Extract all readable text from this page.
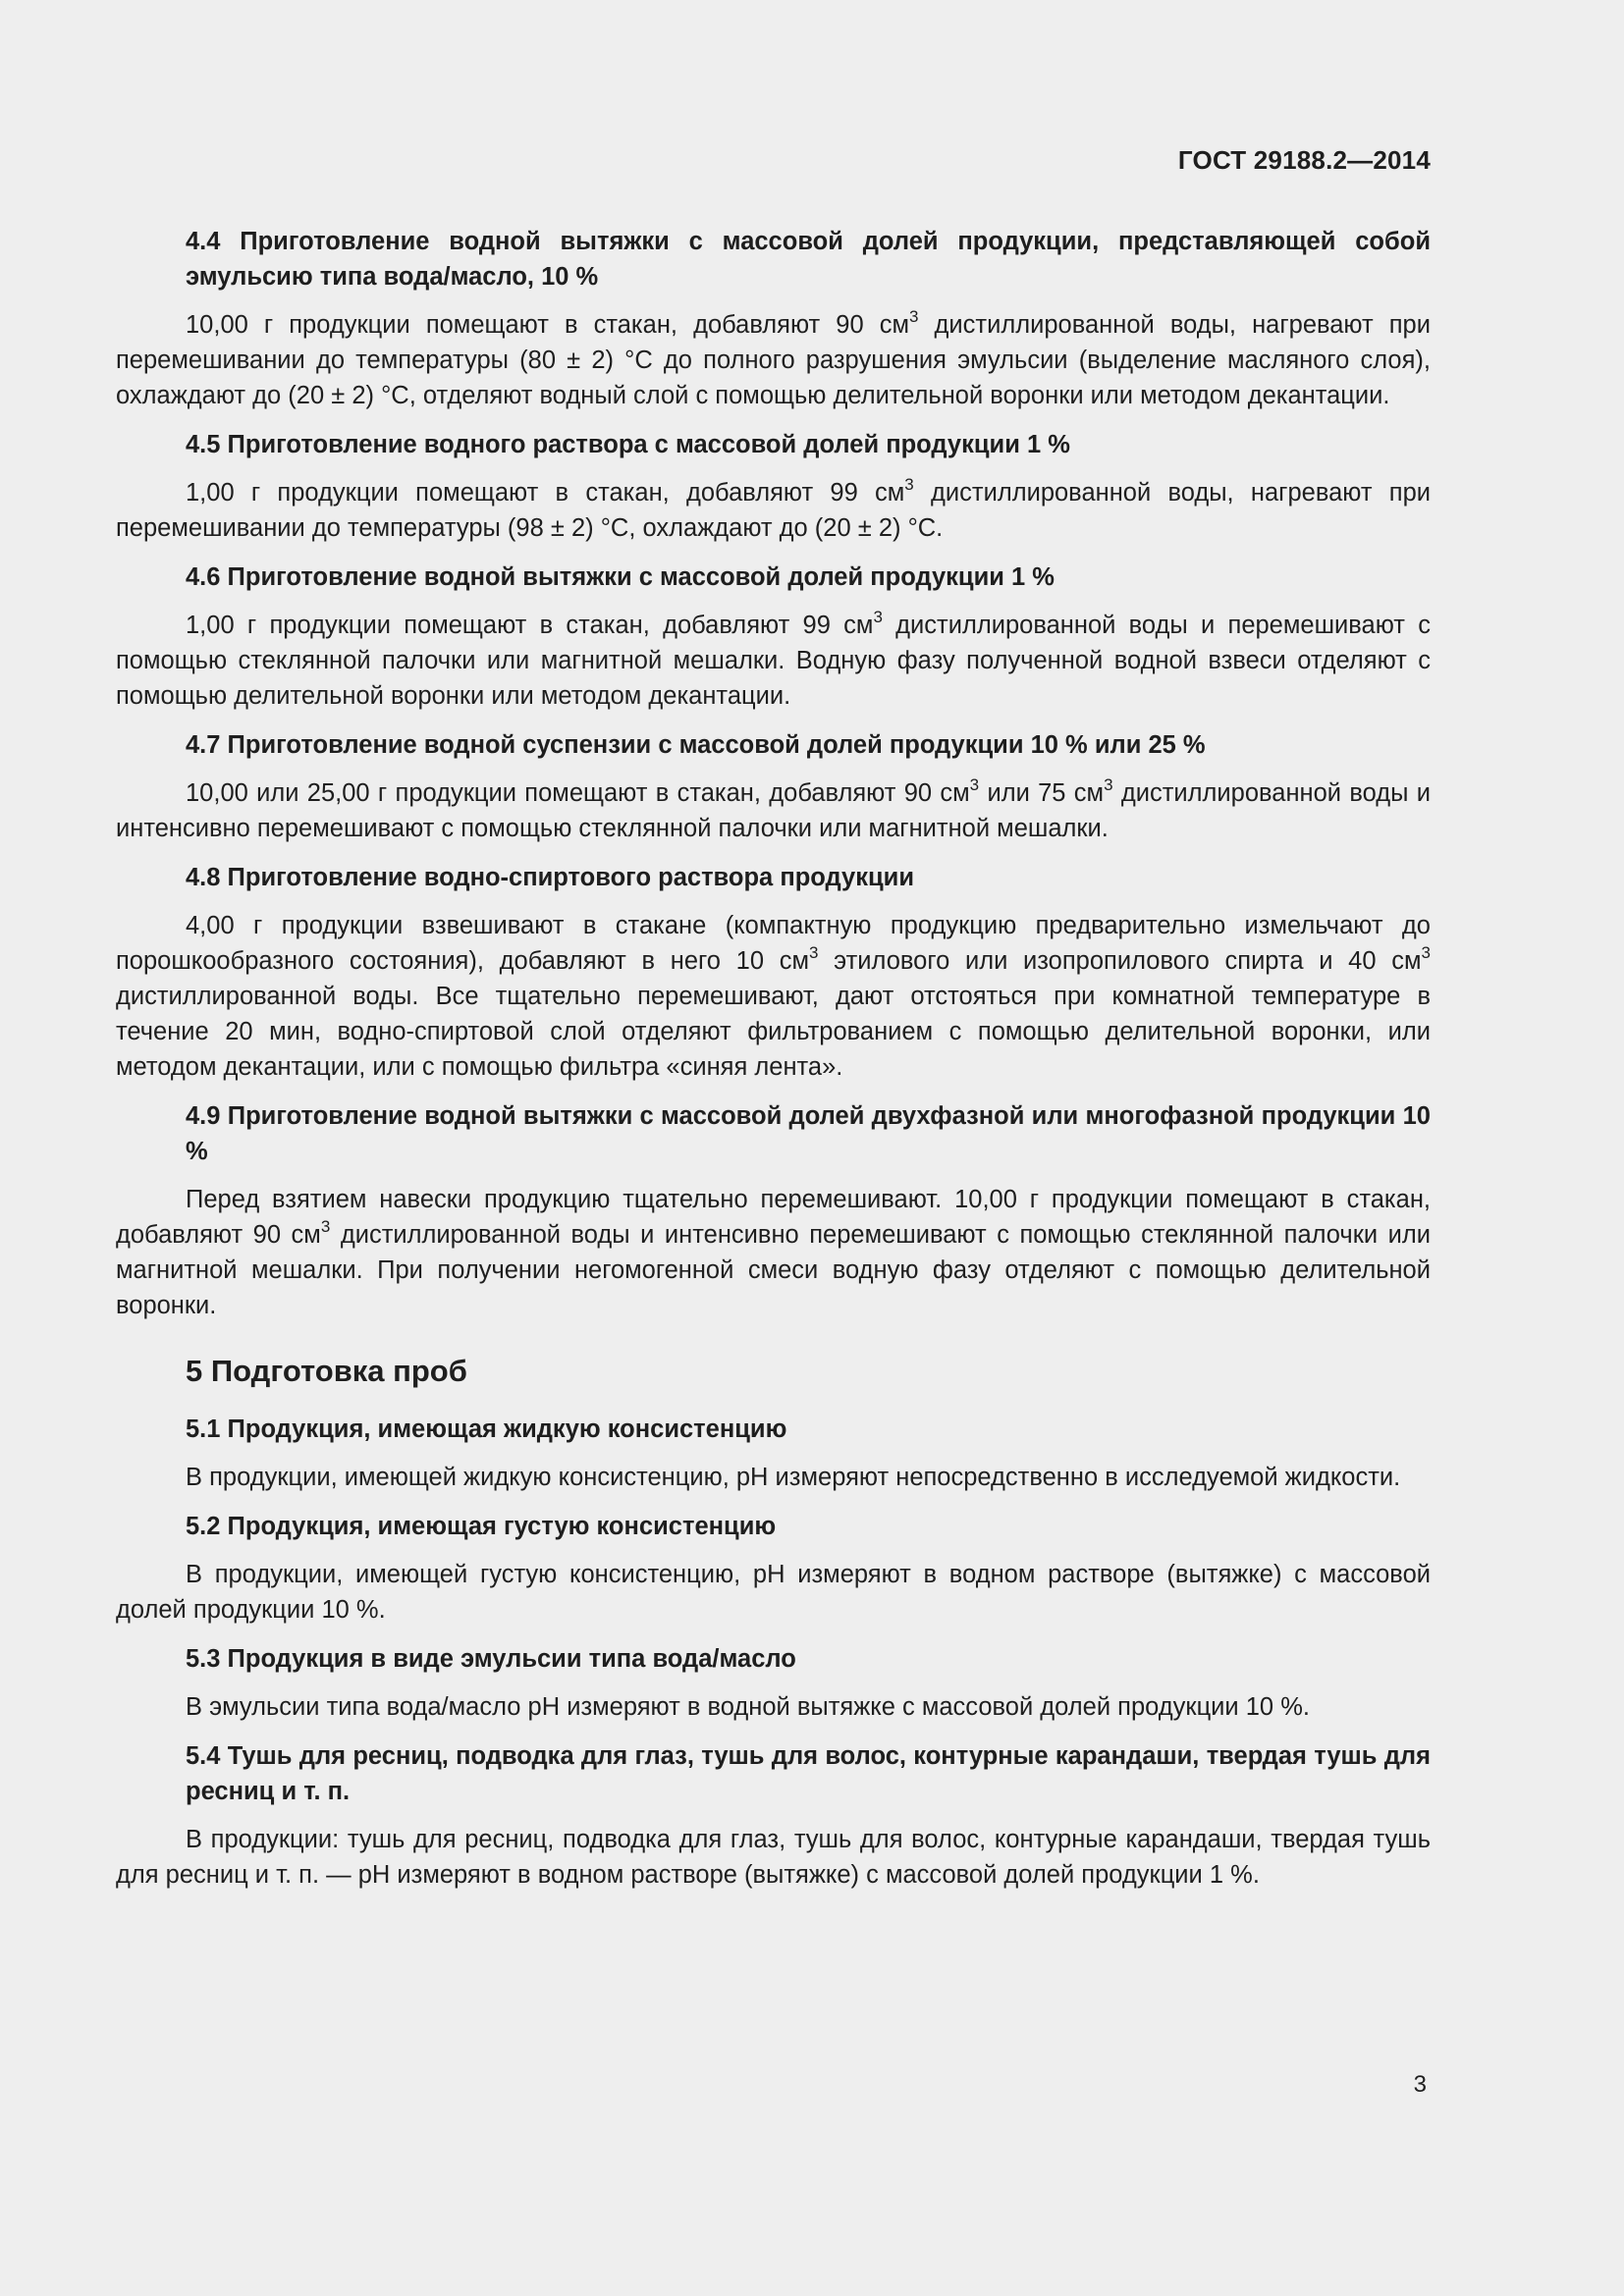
ГОСТ 29188.2—2014
4.4 Приготовление водной вытяжки с массовой долей продукции, представляющей собой эмульсию типа вода/масло, 10 %
10,00 г продукции помещают в стакан, добавляют 90 $см^3$ дистиллированной воды, нагревают при перемешивании до температуры (80 ± 2) °С до полного разрушения эмульсии (выделение масляного слоя), охлаждают до (20 ± 2) °С, отделяют водный слой с помощью делительной воронки или методом декантации.
4.5 Приготовление водного раствора с массовой долей продукции 1 %
1,00 г продукции помещают в стакан, добавляют 99 $см^3$ дистиллированной воды, нагревают при перемешивании до температуры (98 ± 2) °С, охлаждают до (20 ± 2) °С.
4.6 Приготовление водной вытяжки с массовой долей продукции 1 %
1,00 г продукции помещают в стакан, добавляют 99 $см^3$ дистиллированной воды и перемешивают с помощью стеклянной палочки или магнитной мешалки. Водную фазу полученной водной взвеси отделяют с помощью делительной воронки или методом декантации.
4.7 Приготовление водной суспензии с массовой долей продукции 10 % или 25 %
10,00 или 25,00 г продукции помещают в стакан, добавляют 90 $см^3$ или 75 $см^3$ дистиллированной воды и интенсивно перемешивают с помощью стеклянной палочки или магнитной мешалки.
4.8 Приготовление водно-спиртового раствора продукции
4,00 г продукции взвешивают в стакане (компактную продукцию предварительно измельчают до порошкообразного состояния), добавляют в него 10 $см^3$ этилового или изопропилового спирта и 40 $см^3$ дистиллированной воды. Все тщательно перемешивают, дают отстояться при комнатной температуре в течение 20 мин, водно-спиртовой слой отделяют фильтрованием с помощью делительной воронки, или методом декантации, или с помощью фильтра «синяя лента».
4.9 Приготовление водной вытяжки с массовой долей двухфазной или многофазной продукции 10 %
Перед взятием навески продукцию тщательно перемешивают. 10,00 г продукции помещают в стакан, добавляют 90 $см^3$ дистиллированной воды и интенсивно перемешивают с помощью стеклянной палочки или магнитной мешалки. При получении негомогенной смеси водную фазу отделяют с помощью делительной воронки.
5 Подготовка проб
5.1 Продукция, имеющая жидкую консистенцию
В продукции, имеющей жидкую консистенцию, pH измеряют непосредственно в исследуемой жидкости.
5.2 Продукция, имеющая густую консистенцию
В продукции, имеющей густую консистенцию, pH измеряют в водном растворе (вытяжке) с массовой долей продукции 10 %.
5.3 Продукция в виде эмульсии типа вода/масло
В эмульсии типа вода/масло pH измеряют в водной вытяжке с массовой долей продукции 10 %.
5.4 Тушь для ресниц, подводка для глаз, тушь для волос, контурные карандаши, твердая тушь для ресниц и т. п.
В продукции: тушь для ресниц, подводка для глаз, тушь для волос, контурные карандаши, твердая тушь для ресниц и т. п. — pH измеряют в водном растворе (вытяжке) с массовой долей продукции 1 %.
3
